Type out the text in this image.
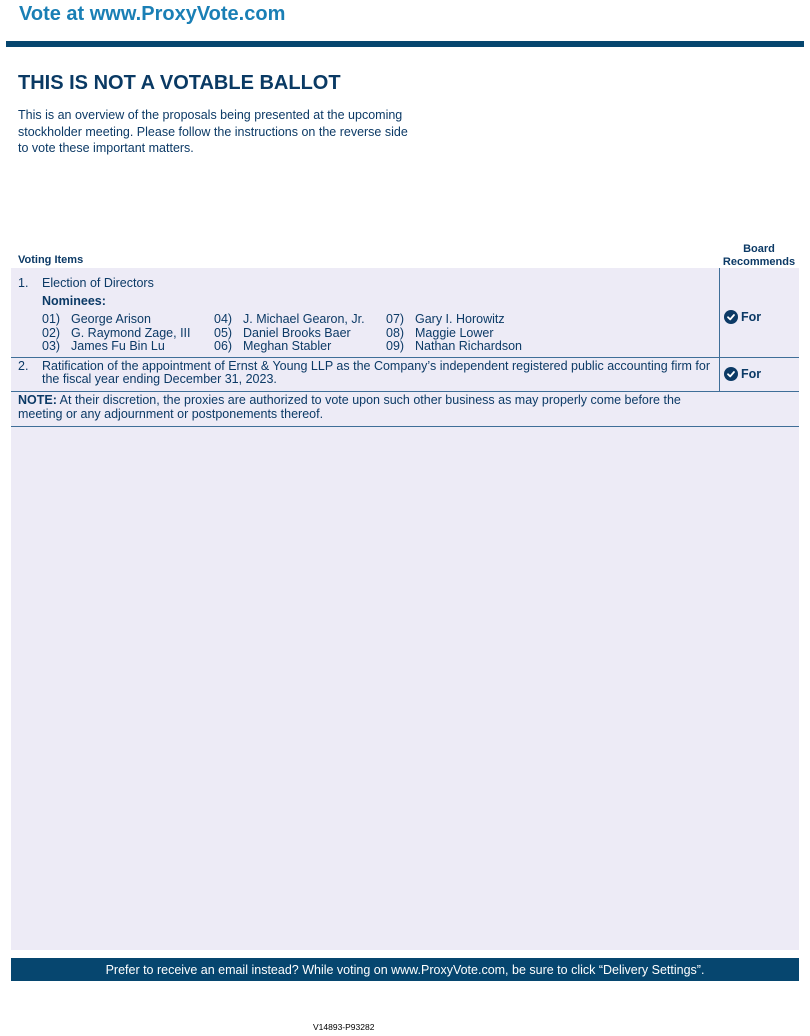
Vote at www.ProxyVote.com
THIS IS NOT A VOTABLE BALLOT
This is an overview of the proposals being presented at the upcoming stockholder meeting. Please follow the instructions on the reverse side to vote these important matters.
Voting Items
Board
Recommends
1. Election of Directors
Nominees:
01) George Arison
02) G. Raymond Zage, III
03) James Fu Bin Lu
04) J. Michael Gearon, Jr.
05) Daniel Brooks Baer
06) Meghan Stabler
07) Gary I. Horowitz
08) Maggie Lower
09) Nathan Richardson
For
2. Ratification of the appointment of Ernst & Young LLP as the Company’s independent registered public accounting firm for the fiscal year ending December 31, 2023.	For
NOTE: At their discretion, the proxies are authorized to vote upon such other business as may properly come before the meeting or any adjournment or postponements thereof.
Prefer to receive an email instead? While voting on www.ProxyVote.com, be sure to click “Delivery Settings”.
V14893-P93282
